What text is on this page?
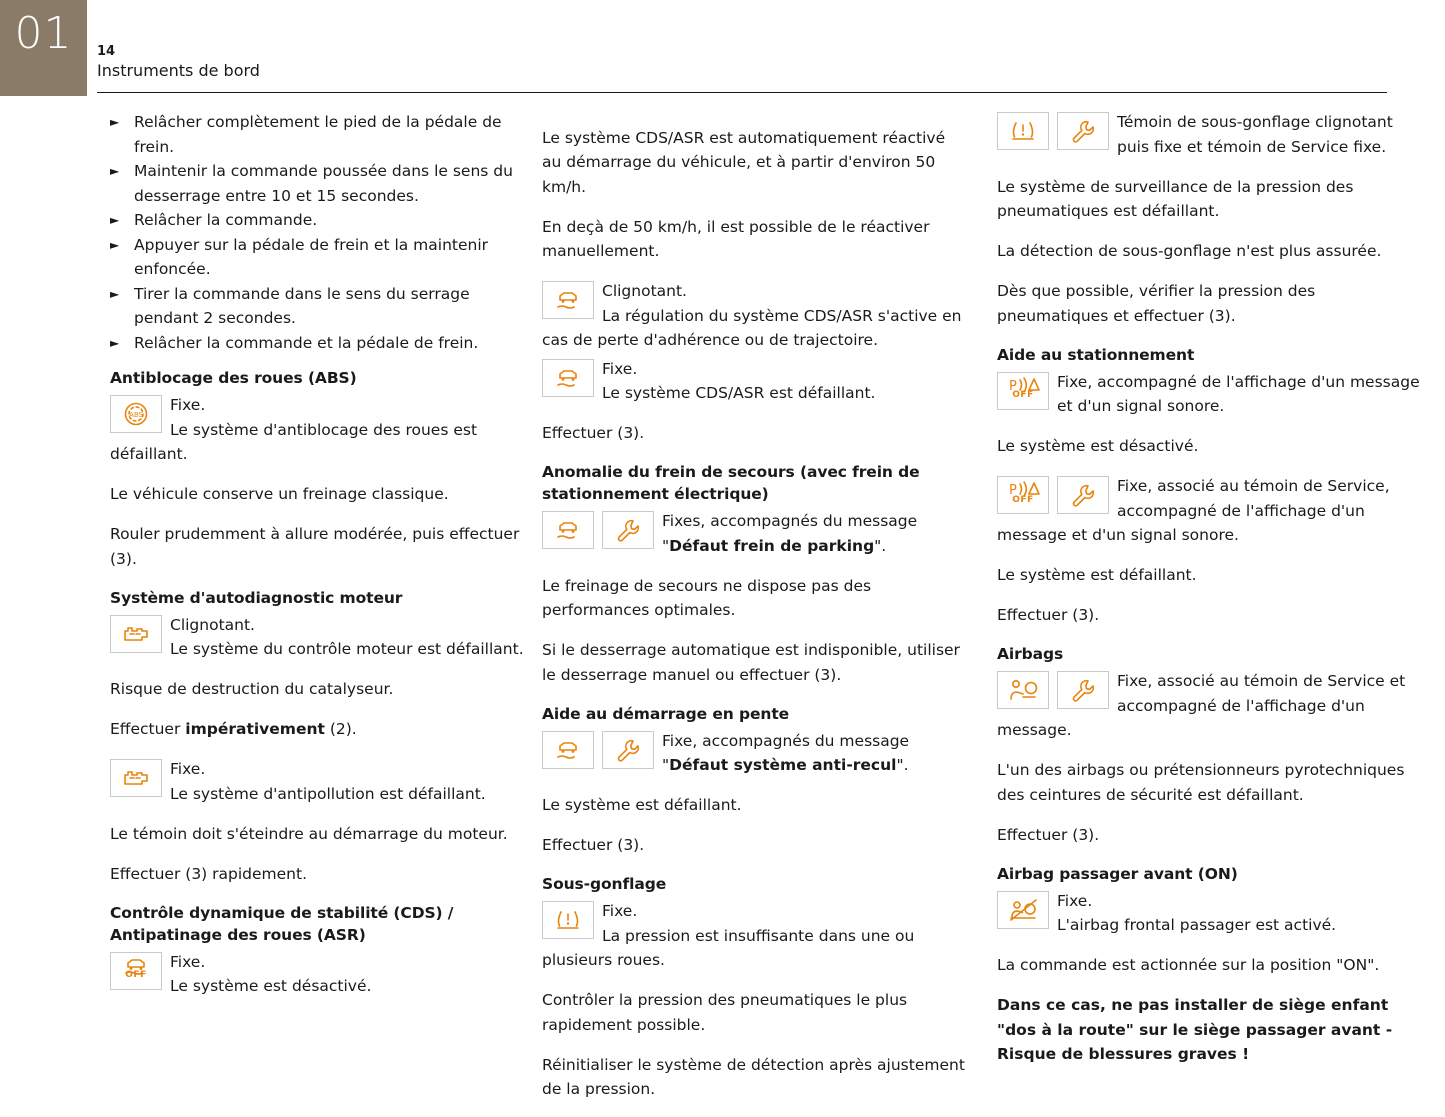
01	14
Instruments de bord

► Relâcher complètement le pied de la pédale de frein.

► Maintenir la commande poussée dans le sens du desserrage entre 10 et 15 secondes.

► Relâcher la commande.

► Appuyer sur la pédale de frein et la maintenir enfoncée.

► Tirer la commande dans le sens du serrage pendant 2 secondes.

► Relâcher la commande et la pédale de frein.

Antiblocage des roues (ABS)
ABS

Fixe.

Le système d'antiblocage des roues est défaillant.

Le véhicule conserve un freinage classique.

Rouler prudemment à allure modérée, puis effectuer (3).

Système d'autodiagnostic moteur

Clignotant.

Le système du contrôle moteur est défaillant.

Risque de destruction du catalyseur.

Effectuer impérativement (2).

Fixe.

Le système d'antipollution est défaillant.

Le témoin doit s'éteindre au démarrage du moteur.

Effectuer (3) rapidement.

Contrôle dynamique de stabilité (CDS) /
Antipatinage des roues (ASR)
OFF

Fixe.

Le système est désactivé.

Le système CDS/ASR est automatiquement réactivé au démarrage du véhicule, et à partir d'environ 50 km/h.

En deçà de 50 km/h, il est possible de le réactiver manuellement.

Clignotant.

La régulation du système CDS/ASR s'active en cas de perte d'adhérence ou de trajectoire.

Fixe.

Le système CDS/ASR est défaillant.

Effectuer (3).

Anomalie du frein de secours (avec frein de
stationnement électrique)

Fixes, accompagnés du message

"Défaut frein de parking".

Le freinage de secours ne dispose pas des performances optimales.

Si le desserrage automatique est indisponible, utiliser le desserrage manuel ou effectuer (3).

Aide au démarrage en pente

Fixe, accompagnés du message

"Défaut système anti-recul".

Le système est défaillant.

Effectuer (3).

Sous-gonflage

Fixe.

La pression est insuffisante dans une ou plusieurs roues.

Contrôler la pression des pneumatiques le plus rapidement possible.

Réinitialiser le système de détection après ajustement de la pression.

Témoin de sous-gonflage clignotant puis fixe et témoin de Service fixe.

Le système de surveillance de la pression des pneumatiques est défaillant.

La détection de sous-gonflage n'est plus assurée.

Dès que possible, vérifier la pression des pneumatiques et effectuer (3).

Aide au stationnement
P
OFF

Fixe, accompagné de l'affichage d'un message et d'un signal sonore.

Le système est désactivé.

P
OFF

Fixe, associé au témoin de Service, accompagné de l'affichage d'un message et d'un signal sonore.

Le système est défaillant.

Effectuer (3).

Airbags

Fixe, associé au témoin de Service et accompagné de l'affichage d'un message.

L'un des airbags ou prétensionneurs pyrotechniques des ceintures de sécurité est défaillant.

Effectuer (3).

Airbag passager avant (ON)

Fixe.

L'airbag frontal passager est activé.

La commande est actionnée sur la position "ON".

Dans ce cas, ne pas installer de siège enfant "dos à la route" sur le siège passager avant - Risque de blessures graves !
